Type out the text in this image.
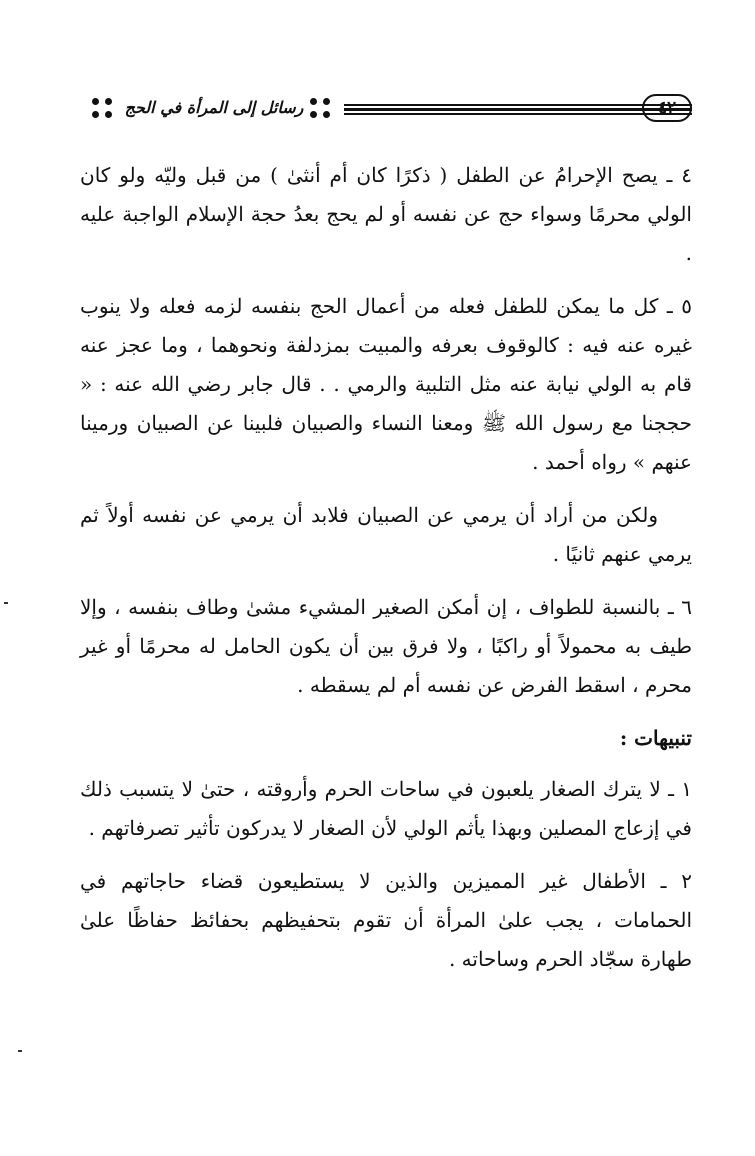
رسائل إلى المرأة في الحج	٤٢

٤ ـ يصح الإحرامُ عن الطفل ( ذكرًا كان أم أنثىٰ ) من قبل وليّه ولو كان الولي محرمًا وسواء حج عن نفسه أو لم يحج بعدُ حجة الإسلام الواجبة عليه .

٥ ـ كل ما يمكن للطفل فعله من أعمال الحج بنفسه لزمه فعله ولا ينوب غيره عنه فيه : كالوقوف بعرفه والمبيت بمزدلفة ونحوهما ، وما عجز عنه قام به الولي نيابة عنه مثل التلبية والرمي . . قال جابر رضي الله عنه : « حججنا مع رسول الله ﷺ ومعنا النساء والصبيان فلبينا عن الصبيان ورمينا عنهم » رواه أحمد .

ولكن من أراد أن يرمي عن الصبيان فلابد أن يرمي عن نفسه أولاً ثم يرمي عنهم ثانيًا .

٦ ـ بالنسبة للطواف ، إن أمكن الصغير المشيء مشىٰ وطاف بنفسه ، وإلا طيف به محمولاً أو راكبًا ، ولا فرق بين أن يكون الحامل له محرمًا أو غير محرم ، اسقط الفرض عن نفسه أم لم يسقطه .

تنبيهات :

١ ـ لا يترك الصغار يلعبون في ساحات الحرم وأروقته ، حتىٰ لا يتسبب ذلك في إزعاج المصلين وبهذا يأثم الولي لأن الصغار لا يدركون تأثير تصرفاتهم .

٢ ـ الأطفال غير المميزين والذين لا يستطيعون قضاء حاجاتهم في الحمامات ، يجب علىٰ المرأة أن تقوم بتحفيظهم بحفائظ حفاظًا علىٰ طهارة سجّاد الحرم وساحاته .
